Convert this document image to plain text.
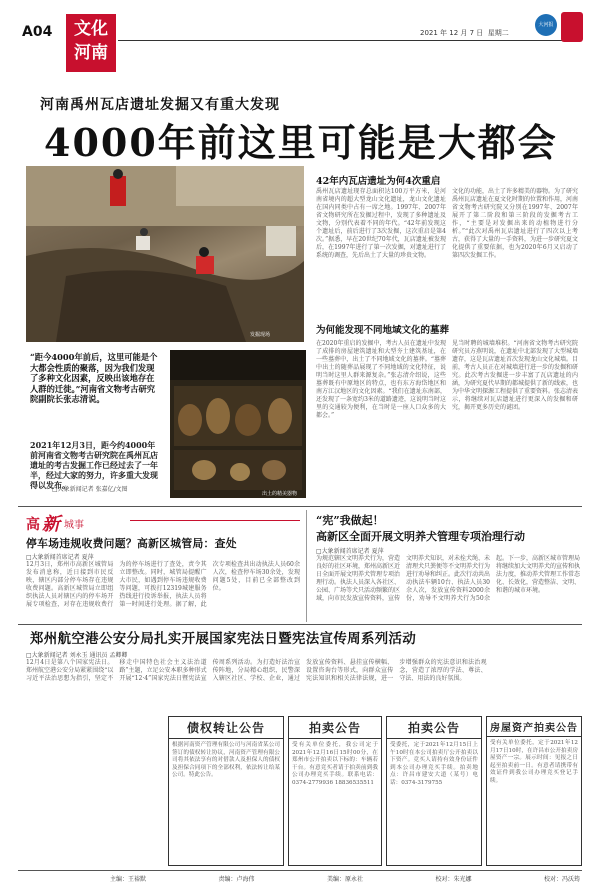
A04	文化
河南
2021 年 12 月 7 日 星期二
大河报
河南禹州瓦店遗址发掘又有重大发现
4000年前这里可能是大都会
发掘现场
42年内瓦店遗址为何4次重启
禹州瓦店遗址现存总面积达100万平方米，是河南省境内的超大型龙山文化遗址，龙山文化遗址在国内同类中占有一席之地。1997年、2007年省文物研究所在发掘过程中，发现了多种遗址及文物，分别代表着不同的年代。“42年前发现这个遗址后，前后进行了3次发掘，这次重启是第4次。”据悉，早在20世纪70年代，瓦店遗址被发现后，在1997年进行了第一次发掘，对遗址进行了系统的调查，先后出土了大量的珍贵文物。
文化的功能，出土了许多精美的器物。为了研究禹州瓦店遗址在夏文化时期的位置和作用，河南省文物考古研究院又分别在1997年、2007年展开了第二阶段和第三阶段的发掘考古工作，“主要是对发掘出来的动植物进行分析。”“此次对禹州瓦店遗址进行了四次以上考古，获得了大量的一手资料，为进一步研究夏文化提供了重要依据，也为2020年6月又启动了第四次发掘工作。
为何能发现不同地域文化的墓葬
“距今4000年前后，这里可能是个大都会性质的聚落，因为我们发现了多种文化因素，反映出该地存在人群的迁徙。”河南省文物考古研究院副院长张志清说。
2021年12月3日，距今约4000年前河南省文物考古研究院在禹州瓦店遗址的考古发掘工作已经过去了一年半，经过大家的努力，许多重大发现得以发布。
□大象新闻记者 张嘉亿/文图
出土的精美器物
在2020年重启的发掘中，考古人员在遗址中发现了成排的房屋建筑遗址和大型夯土建筑基址，在一些墓葬中，出土了不同地域文化的墓葬。“墓葬中出土的随葬品展现了不同地域的文化特征，说明当时这里人群来源复杂。”张志清介绍说，这些墓葬既有中原地区的特点，也有东方海岱地区和南方江汉地区的文化因素。“我们在遗址东南部，还发现了一条宽约3米的道路遗迹，这说明当时这里的交通较为便利，在当时是一座人口众多的大都会。”
见当时聘的城墙堆积。“河南省文物考古研究院研究员方燕明说，在遗址中北部发现了大型城墙遗存，这是瓦店遗址首次发现龙山文化城墙。目前，考古人员正在对城墙进行进一步的发掘和研究。此次考古发掘进一步丰富了瓦店遗址的内涵，为研究夏代早期的都城提供了新的线索，也为中华文明探源工程提供了重要资料。张志清表示，将继续对瓦店遗址进行更深入的发掘和研究，揭开更多历史的谜团。
高 新 城事
停车场违规收费问题？高新区城管局：查处
□大象新闻首席记者 夏萍
12月3日，郑州市高新区城管局发布消息称，近日接到市民反映，辖区内部分停车场存在违规收费问题。高新区城管局立即组织执法人员对辖区内的停车场开展专项检查，对存在违规收费行为的停车场进行了查处，责令其立即整改。同时，城管局提醒广大市民，如遇到停车场违规收费等问题，可拨打12319城建服务热线进行投诉举报，执法人员将第一时间进行处理。据了解，此次专项检查共出动执法人员60余人次，检查停车场30余处，发现问题5处，目前已全部整改到位。
“宪”我做起！
高新区全面开展文明养犬管理专项治理行动
□大象新闻首席记者 夏萍
为规范辖区文明养犬行为，营造良好的社区环境，郑州高新区近日全面开展文明养犬管理专项治理行动。执法人员深入各社区、公园、广场等犬只活动频繁的区域，向市民发放宣传资料，宣传文明养犬知识，对未拴犬绳、未清理犬只粪便等不文明养犬行为进行劝导和纠正。此次行动共出动执法车辆10台、执法人员30余人次，发放宣传资料2000余份，劝导不文明养犬行为50余起。下一步，高新区城市管理局将继续加大文明养犬的宣传和执法力度，推动养犬管理工作常态化、长效化，营造整洁、文明、和谐的城市环境。
郑州航空港公安分局扎实开展国家宪法日暨宪法宣传周系列活动
□大象新闻记者 刘永玉 通讯员 孟卿卿
12月4日是第八个国家宪法日。郑州航空港公安分局紧紧围绕“以习近平法治思想为指引，坚定不移走中国特色社会主义法治道路”主题，立足公安本职多种形式开展“12·4”国家宪法日暨宪法宣传周系列活动。为打造好法治宣传阵地，分局精心组织，民警深入辖区社区、学校、企业，通过发放宣传资料、悬挂宣传横幅、设置咨询台等形式，向群众宣传宪法知识和相关法律法规，进一步增强群众的宪法意识和法治观念，营造了浓厚的学法、尊法、守法、用法的良好氛围。
债权转让公告
根据河南资产管理有限公司与河南省某公司签订的债权转让协议，河南资产管理有限公司将其依法享有的对借款人及担保人的债权及担保合同项下的全部权利，依法转让给某公司。特此公告。
拍卖公告
受有关单位委托，我公司定于2021年12月16日15时00分，在郑州市公开拍卖以下标的：车辆若干台。有意竞买者请于拍卖前到我公司办理竞买手续。联系电话：0374-2779936 18836535511
拍卖公告
受委托，定于2021年12月15日上午10时在本公司拍卖厅公开拍卖以下资产。竞买人请持有效身份证件到本公司办理竞买手续。拍卖地点：许昌市建安大道（某号）电话：0374-3179755
房屋资产拍卖公告
受有关单位委托，定于2021年12月17日10时，在许昌市公开拍卖房屋资产一宗。展示时间：见报之日起至拍卖前一日。有意者请携带有效证件到我公司办理竞买登记手续。
主编：王裕默	责编：卢海伟	美编：原永社	校对：朱光娜	校对：冯沃筠
